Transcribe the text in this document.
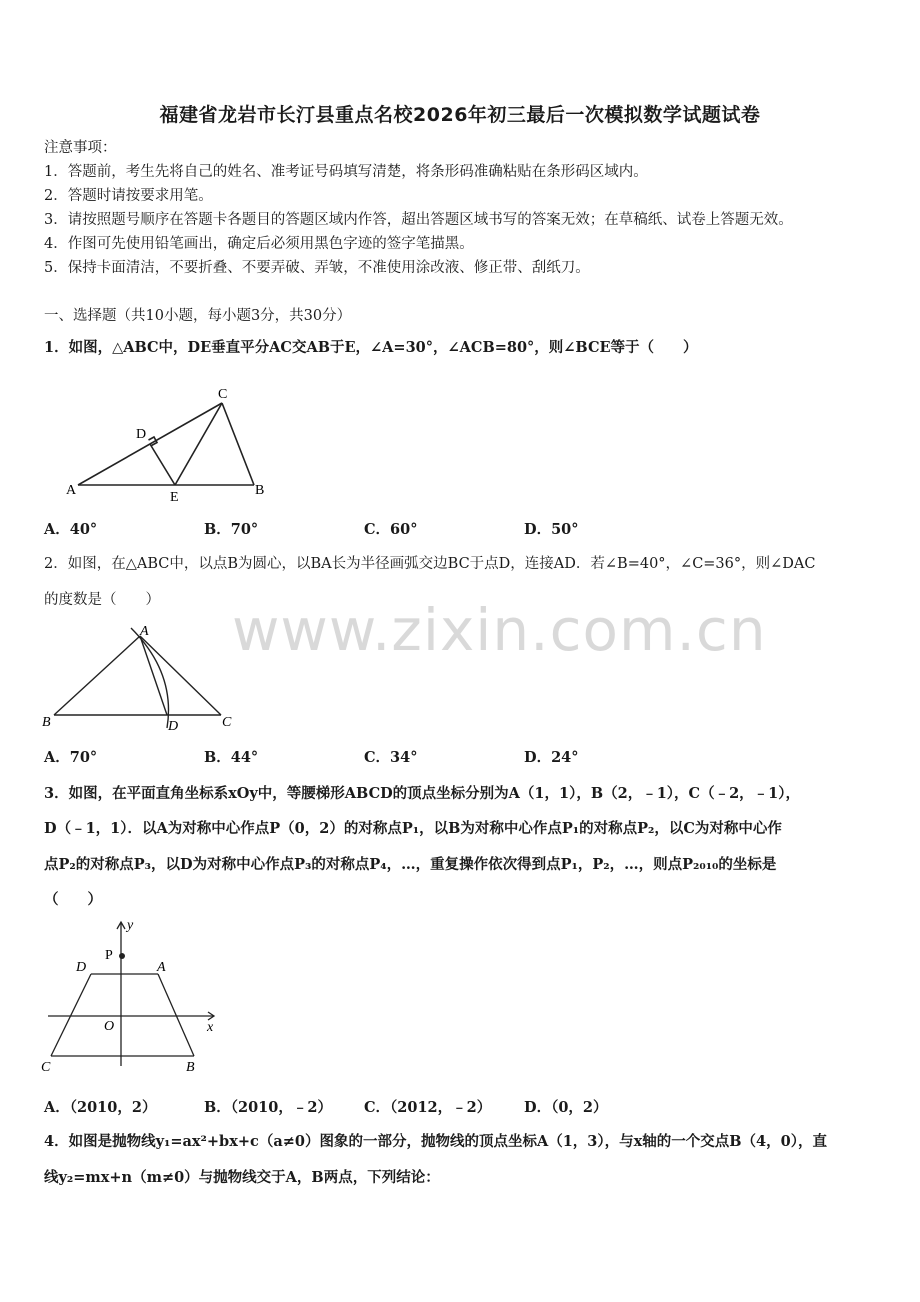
www.zixin.com.cn
福建省龙岩市长汀县重点名校2026年初三最后一次模拟数学试题试卷
注意事项：
1．答题前，考生先将自己的姓名、准考证号码填写清楚，将条形码准确粘贴在条形码区域内。
2．答题时请按要求用笔。
3．请按照题号顺序在答题卡各题目的答题区域内作答，超出答题区域书写的答案无效；在草稿纸、试卷上答题无效。
4．作图可先使用铅笔画出，确定后必须用黑色字迹的签字笔描黑。
5．保持卡面清洁，不要折叠、不要弄破、弄皱，不准使用涂改液、修正带、刮纸刀。
一、选择题（共10小题，每小题3分，共30分）
1．如图，△ABC中，DE垂直平分AC交AB于E，∠A=30°，∠ACB=80°，则∠BCE等于（　　）
A	B
C
D
E
A．40°	B．70°	C．60°	D．50°
2．如图，在△ABC中，以点B为圆心，以BA长为半径画弧交边BC于点D，连接AD．若∠B=40°，∠C=36°，则∠DAC
的度数是（　　）
A
B	C
D
A．70°	B．44°	C．34°	D．24°
3．如图，在平面直角坐标系xOy中，等腰梯形ABCD的顶点坐标分别为A（1，1），B（2，﹣1），C（﹣2，﹣1），
D（﹣1，1）．以A为对称中心作点P（0，2）的对称点P₁，以B为对称中心作点P₁的对称点P₂，以C为对称中心作
点P₂的对称点P₃，以D为对称中心作点P₃的对称点P₄，…，重复操作依次得到点P₁，P₂，…，则点P₂₀₁₀的坐标是
（　　）
y
x
P
D	A
O
C	B
A．（2010，2）	B．（2010，﹣2） C．（2012，﹣2） D．（0，2）
4．如图是抛物线y₁=ax²+bx+c（a≠0）图象的一部分，抛物线的顶点坐标A（1，3），与x轴的一个交点B（4，0），直
线y₂=mx+n（m≠0）与抛物线交于A，B两点，下列结论：
